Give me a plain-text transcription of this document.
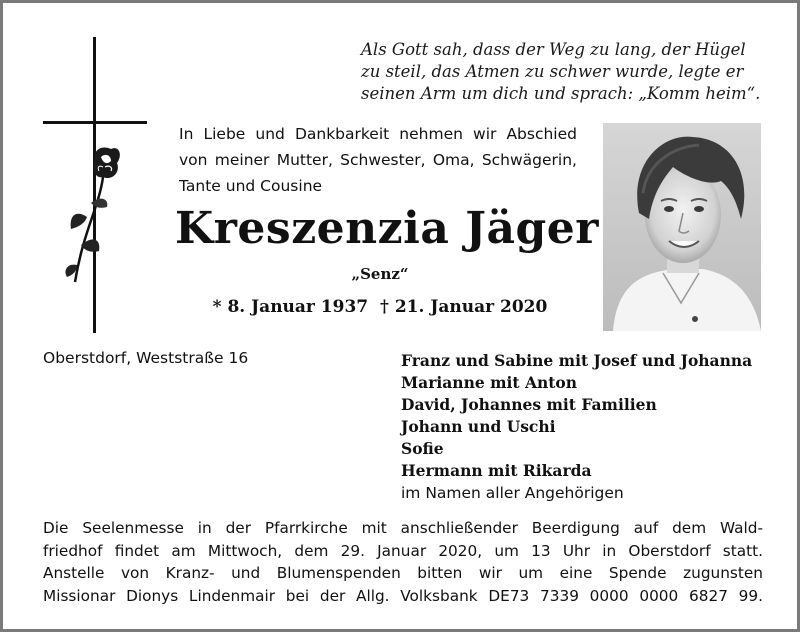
Als Gott sah, dass der Weg zu lang, der Hügel
zu steil, das Atmen zu schwer wurde, legte er
seinen Arm um dich und sprach: „Komm heim“.
In Liebe und Dankbarkeit nehmen wir Abschied von meiner Mutter, Schwester, Oma, Schwägerin, Tante und Cousine
Kreszenzia Jäger
„Senz“
* 8. Januar 1937 † 21. Januar 2020
Oberstdorf, Weststraße 16	Franz und Sabine mit Josef und Johanna
Marianne mit Anton
David, Johannes mit Familien
Johann und Uschi
Sofie
Hermann mit Rikarda
im Namen aller Angehörigen
Die Seelenmesse in der Pfarrkirche mit anschließender Beerdigung auf dem Wald-
friedhof findet am Mittwoch, dem 29. Januar 2020, um 13 Uhr in Oberstdorf statt.
Anstelle von Kranz- und Blumenspenden bitten wir um eine Spende zugunsten
Missionar Dionys Lindenmair bei der Allg. Volksbank DE73 7339 0000 0000 6827 99.
